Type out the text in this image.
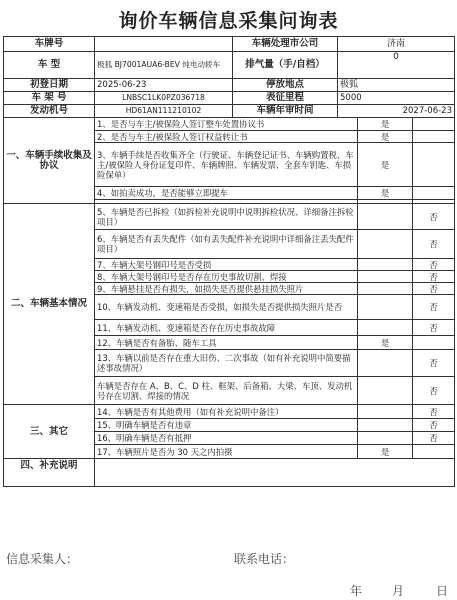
询价车辆信息采集问询表
车牌号		车辆处理市公司	济南		
车 型	极狐 BJ7001AUA6-BEV 纯电动轿车	排气量（手/自档）	0		
初登日期	2025-06-23	停放地点	极狐		
车 架 号	LNBSC1LK0PZ036718	表征里程	5000		
发动机号	HD61AN111210102	车辆年审时间	2027-06-23		
一、车辆手续收集及协议	1、是否与车主/被保险人签订整车处置协议书			是	
	2、是否与车主/被保险人签订权益转让书			是	
	3、车辆手续是否收集齐全（行驶证、车辆登记证书、车辆购置税、车主/被保险人身份证复印件、车辆牌照、车辆发票、全套车钥匙、车损险保单）			是	
	4、如拍卖成功，是否能够立即提车			是	

二、车辆基本情况	5、车辆是否已拆检（如拆检补充说明中说明拆检状况、详细备注拆检项目）				否
	6、车辆是否有丢失配件（如有丢失配件补充说明中详细备注丢失配件项目）				否
	7、车辆大架号钢印号是否受损				否
	8、车辆大架号钢印号是否存在历史事故切割、焊接				否
	9、车辆悬挂是否有损失，如损失是否提供悬挂损失照片				否
	10、车辆发动机、变速箱是否受损，如损失是否提供损失照片是否				否
	11、车辆发动机、变速箱是否存在历史事故故障				否
	12、车辆是否有备胎、随车工具			是	
	13、车辆以前是否存在重大旧伤、二次事故（如有补充说明中简要描述事故情况）				否
	车辆是否存在 A、B、C、D 柱、框架、后备箱、大梁、车顶、发动机号存在切割、焊接的情况				否
三、其它	14、车辆是否有其他费用（如有补充说明中备注）				否
	15、明确车辆是否有违章				否
	16、明确车辆是否有抵押				否
	17、车辆照片是否为 30 天之内拍摄			是	
四、补充说明					
信息采集人：	联系电话：
年 月	日
